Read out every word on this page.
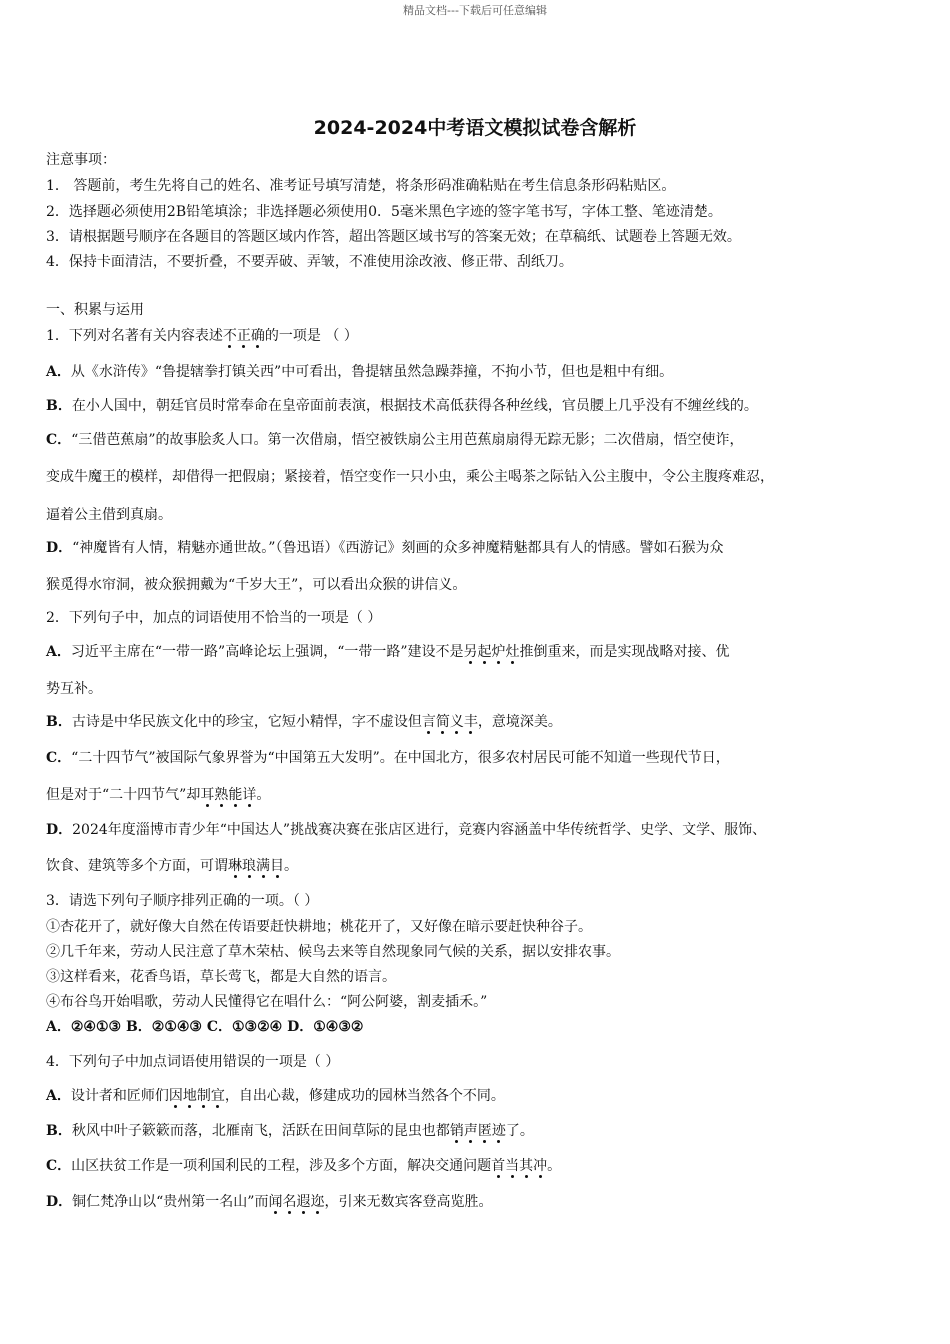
精品文档---下载后可任意编辑
2024-2024中考语文模拟试卷含解析
注意事项：
1． 答题前，考生先将自己的姓名、准考证号填写清楚，将条形码准确粘贴在考生信息条形码粘贴区。
2．选择题必须使用2B铅笔填涂；非选择题必须使用0．5毫米黑色字迹的签字笔书写，字体工整、笔迹清楚。
3．请根据题号顺序在各题目的答题区域内作答，超出答题区域书写的答案无效；在草稿纸、试题卷上答题无效。
4．保持卡面清洁，不要折叠，不要弄破、弄皱，不准使用涂改液、修正带、刮纸刀。
一、积累与运用
1．下列对名著有关内容表述不正确的一项是 （ ）
A．从《水浒传》“鲁提辖拳打镇关西”中可看出，鲁提辖虽然急躁莽撞，不拘小节，但也是粗中有细。
B．在小人国中，朝廷官员时常奉命在皇帝面前表演，根据技术高低获得各种丝线，官员腰上几乎没有不缠丝线的。
C．“三借芭蕉扇”的故事脍炙人口。第一次借扇，悟空被铁扇公主用芭蕉扇扇得无踪无影；二次借扇，悟空使诈，
变成牛魔王的模样，却借得一把假扇；紧接着，悟空变作一只小虫，乘公主喝茶之际钻入公主腹中，令公主腹疼难忍，
逼着公主借到真扇。
D．“神魔皆有人情，精魅亦通世故。”（鲁迅语）《西游记》刻画的众多神魔精魅都具有人的情感。譬如石猴为众
猴觅得水帘洞，被众猴拥戴为“千岁大王”，可以看出众猴的讲信义。
2．下列句子中，加点的词语使用不恰当的一项是（ ）
A．习近平主席在“一带一路”高峰论坛上强调，“一带一路”建设不是另起炉灶推倒重来，而是实现战略对接、优
势互补。
B．古诗是中华民族文化中的珍宝，它短小精悍，字不虚设但言简义丰，意境深美。
C．“二十四节气”被国际气象界誉为“中国第五大发明”。在中国北方，很多农村居民可能不知道一些现代节日，
但是对于“二十四节气”却耳熟能详。
D．2024年度淄博市青少年“中国达人”挑战赛决赛在张店区进行，竞赛内容涵盖中华传统哲学、史学、文学、服饰、
饮食、建筑等多个方面，可谓琳琅满目。
3．请选下列句子顺序排列正确的一项。（ ）
①杏花开了，就好像大自然在传语要赶快耕地；桃花开了，又好像在暗示要赶快种谷子。
②几千年来，劳动人民注意了草木荣枯、候鸟去来等自然现象同气候的关系，据以安排农事。
③这样看来，花香鸟语，草长莺飞，都是大自然的语言。
④布谷鸟开始唱歌，劳动人民懂得它在唱什么：“阿公阿婆，割麦插禾。”
A．②④①③ B．②①④③ C．①③②④ D．①④③②
4．下列句子中加点词语使用错误的一项是（ ）
A．设计者和匠师们因地制宜，自出心裁，修建成功的园林当然各个不同。
B．秋风中叶子簌簌而落，北雁南飞，活跃在田间草际的昆虫也都销声匿迹了。
C．山区扶贫工作是一项利国利民的工程，涉及多个方面，解决交通问题首当其冲。
D．铜仁梵净山以“贵州第一名山”而闻名遐迩，引来无数宾客登高览胜。
